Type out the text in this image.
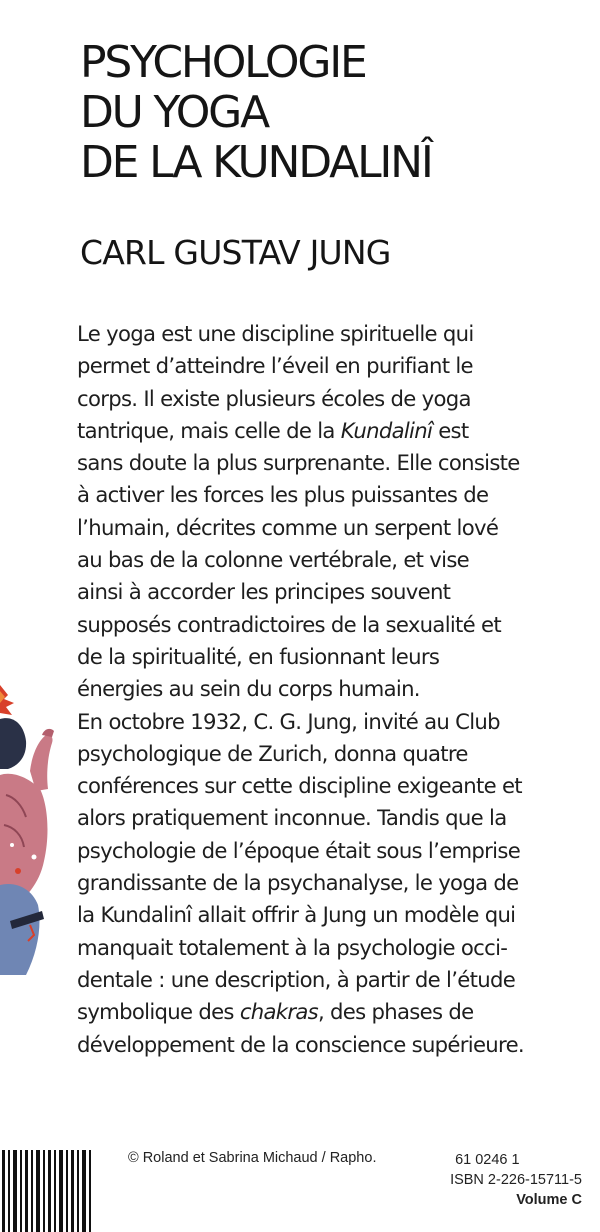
PSYCHOLOGIE
DU YOGA
DE LA KUNDALINÎ
CARL GUSTAV JUNG
Le yoga est une discipline spirituelle qui
permet d’atteindre l’éveil en purifiant le
corps. Il existe plusieurs écoles de yoga
tantrique, mais celle de la Kundalinî est
sans doute la plus surprenante. Elle consiste
à activer les forces les plus puissantes de
l’humain, décrites comme un serpent lové
au bas de la colonne vertébrale, et vise
ainsi à accorder les principes souvent
supposés contradictoires de la sexualité et
de la spiritualité, en fusionnant leurs
énergies au sein du corps humain.
En octobre 1932, C. G. Jung, invité au Club
psychologique de Zurich, donna quatre
conférences sur cette discipline exigeante et
alors pratiquement inconnue. Tandis que la
psychologie de l’époque était sous l’emprise
grandissante de la psychanalyse, le yoga de
la Kundalinî allait offrir à Jung un modèle qui
manquait totalement à la psychologie occi-
dentale : une description, à partir de l’étude
symbolique des chakras, des phases de
développement de la conscience supérieure.
© Roland et Sabrina Michaud / Rapho.	61 0246 1
ISBN 2-226-15711-5
Volume C
